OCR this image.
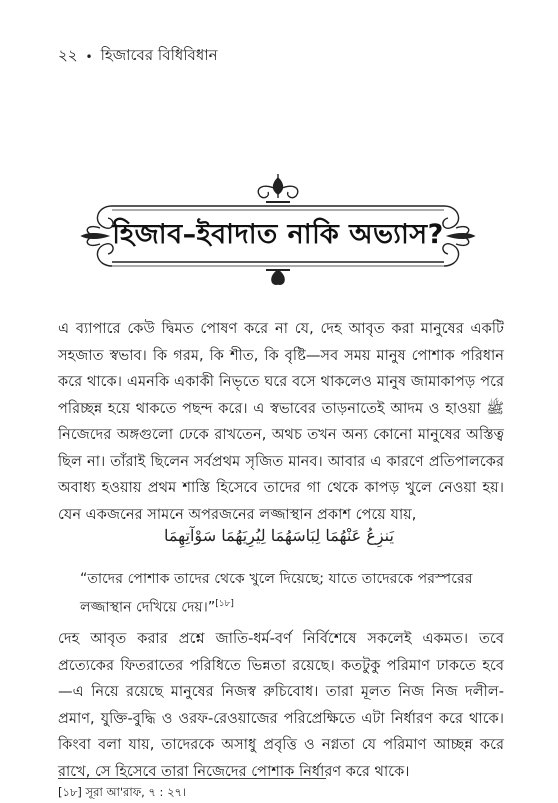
২২ • হিজাবের বিধিবিধান
হিজাব–ইবাদাত নাকি অভ্যাস?

এ ব্যাপারে কেউ দ্বিমত পোষণ করে না যে, দেহ আবৃত করা মানুষের একটি সহজাত স্বভাব। কি গরম, কি শীত, কি বৃষ্টি—সব সময় মানুষ পোশাক পরিধান করে থাকে। এমনকি একাকী নিভৃতে ঘরে বসে থাকলেও মানুষ জামাকাপড় পরে পরিচ্ছন্ন হয়ে থাকতে পছন্দ করে। এ স্বভাবের তাড়নাতেই আদম ও হাওয়া ﷺ নিজেদের অঙ্গগুলো ঢেকে রাখতেন, অথচ তখন অন্য কোনো মানুষের অস্তিত্ব ছিল না। তাঁরাই ছিলেন সর্বপ্রথম সৃজিত মানব। আবার এ কারণে প্রতিপালকের অবাধ্য হওয়ায় প্রথম শাস্তি হিসেবে তাদের গা থেকে কাপড় খুলে নেওয়া হয়। যেন একজনের সামনে অপরজনের লজ্জাস্থান প্রকাশ পেয়ে যায়,

يَنزِعُ عَنْهُمَا لِبَاسَهُمَا لِيُرِيَهُمَا سَوْآتِهِمَا
“তাদের পোশাক তাদের থেকে খুলে দিয়েছে; যাতে তাদেরকে পরস্পরের লজ্জাস্থান দেখিয়ে দেয়।”[১৮]

দেহ আবৃত করার প্রশ্নে জাতি-ধর্ম-বর্ণ নির্বিশেষে সকলেই একমত। তবে প্রত্যেকের ফিতরাতের পরিধিতে ভিন্নতা রয়েছে। কতটুকু পরিমাণ ঢাকতে হবে—এ নিয়ে রয়েছে মানুষের নিজস্ব রুচিবোধ। তারা মূলত নিজ নিজ দলীল-প্রমাণ, যুক্তি-বুদ্ধি ও ওরফ-রেওয়াজের পরিপ্রেক্ষিতে এটা নির্ধারণ করে থাকে। কিংবা বলা যায়, তাদেরকে অসাধু প্রবৃত্তি ও নগ্নতা যে পরিমাণ আচ্ছন্ন করে রাখে, সে হিসেবে তারা নিজেদের পোশাক নির্ধারণ করে থাকে।

[১৮] সূরা আ'রাফ, ৭ : ২৭।
